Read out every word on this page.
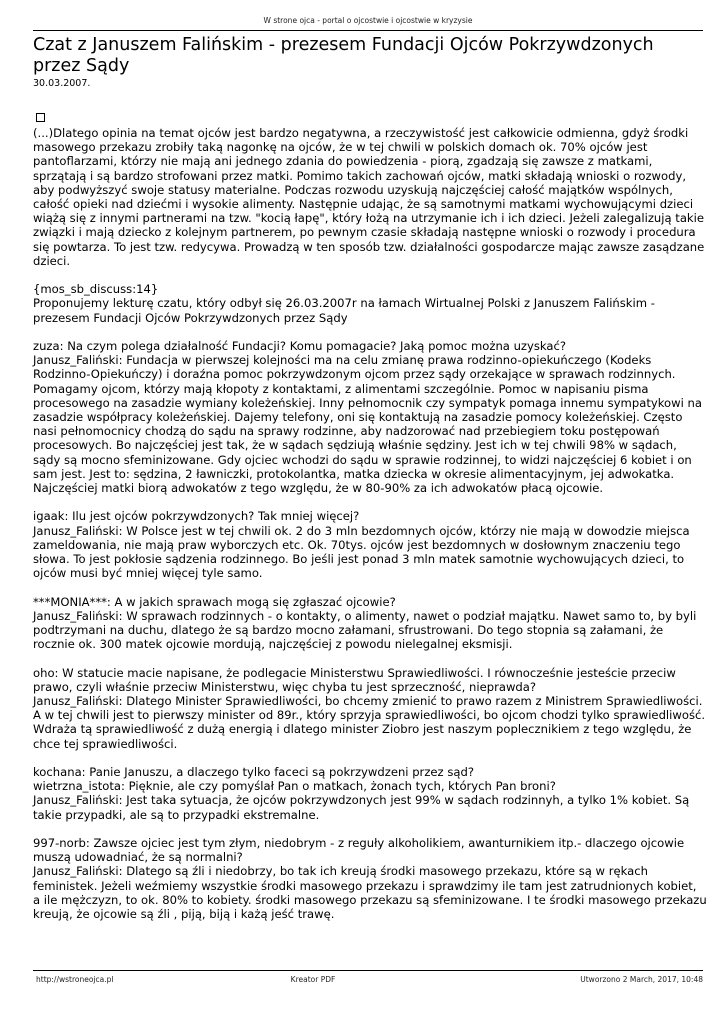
W strone ojca - portal o ojcostwie i ojcostwie w kryzysie
Czat z Januszem Falińskim - prezesem Fundacji Ojców Pokrzywdzonych przez Sądy
30.03.2007.

(...)Dlatego opinia na temat ojców jest bardzo negatywna, a rzeczywistość jest całkowicie odmienna, gdyż środki masowego przekazu zrobiły taką nagonkę na ojców, że w tej chwili w polskich domach ok. 70% ojców jest pantoflarzami, którzy nie mają ani jednego zdania do powiedzenia - piorą, zgadzają się zawsze z matkami, sprzątają i są bardzo strofowani przez matki. Pomimo takich zachowań ojców, matki składają wnioski o rozwody, aby podwyższyć swoje statusy materialne. Podczas rozwodu uzyskują najczęściej całość majątków wspólnych, całość opieki nad dziećmi i wysokie alimenty. Następnie udając, że są samotnymi matkami wychowującymi dzieci wiążą się z innymi partnerami na tzw. "kocią łapę", który łożą na utrzymanie ich i ich dzieci. Jeżeli zalegalizują takie związki i mają dziecko z kolejnym partnerem, po pewnym czasie składają następne wnioski o rozwody i procedura się powtarza. To jest tzw. redycywa. Prowadzą w ten sposób tzw. działalności gospodarcze mając zawsze zasądzane dzieci.

{mos_sb_discuss:14}
Proponujemy lekturę czatu, który odbył się 26.03.2007r na łamach Wirtualnej Polski z Januszem Falińskim - prezesem Fundacji Ojców Pokrzywdzonych przez Sądy

zuza: Na czym polega działalność Fundacji? Komu pomagacie? Jaką pomoc można uzyskać?
Janusz_Faliński: Fundacja w pierwszej kolejności ma na celu zmianę prawa rodzinno-opiekuńczego (Kodeks Rodzinno-Opiekuńczy) i doraźna pomoc pokrzywdzonym ojcom przez sądy orzekające w sprawach rodzinnych. Pomagamy ojcom, którzy mają kłopoty z kontaktami, z alimentami szczególnie. Pomoc w napisaniu pisma procesowego na zasadzie wymiany koleżeńskiej. Inny pełnomocnik czy sympatyk pomaga innemu sympatykowi na zasadzie współpracy koleżeńskiej. Dajemy telefony, oni się kontaktują na zasadzie pomocy koleżeńskiej. Często nasi pełnomocnicy chodzą do sądu na sprawy rodzinne, aby nadzorować nad przebiegiem toku postępowań procesowych. Bo najczęściej jest tak, że w sądach sędziują właśnie sędziny. Jest ich w tej chwili 98% w sądach, sądy są mocno sfeminizowane. Gdy ojciec wchodzi do sądu w sprawie rodzinnej, to widzi najczęściej 6 kobiet i on sam jest. Jest to: sędzina, 2 ławniczki, protokolantka, matka dziecka w okresie alimentacyjnym, jej adwokatka. Najczęściej matki biorą adwokatów z tego względu, że w 80-90% za ich adwokatów płacą ojcowie.

igaak: Ilu jest ojców pokrzywdzonych? Tak mniej więcej?
Janusz_Faliński: W Polsce jest w tej chwili ok. 2 do 3 mln bezdomnych ojców, którzy nie mają w dowodzie miejsca zameldowania, nie mają praw wyborczych etc. Ok. 70tys. ojców jest bezdomnych w dosłownym znaczeniu tego słowa. To jest pokłosie sądzenia rodzinnego. Bo jeśli jest ponad 3 mln matek samotnie wychowujących dzieci, to ojców musi być mniej więcej tyle samo.

***MONIA***: A w jakich sprawach mogą się zgłaszać ojcowie?
Janusz_Faliński: W sprawach rodzinnych - o kontakty, o alimenty, nawet o podział majątku. Nawet samo to, by byli podtrzymani na duchu, dlatego że są bardzo mocno załamani, sfrustrowani. Do tego stopnia są załamani, że rocznie ok. 300 matek ojcowie mordują, najczęściej z powodu nielegalnej eksmisji.

oho: W statucie macie napisane, że podlegacie Ministerstwu Sprawiedliwości. I równocześnie jesteście przeciw prawo, czyli właśnie przeciw Ministerstwu, więc chyba tu jest sprzeczność, nieprawda?
Janusz_Faliński: Dlatego Minister Sprawiedliwości, bo chcemy zmienić to prawo razem z Ministrem Sprawiedliwości. A w tej chwili jest to pierwszy minister od 89r., który sprzyja sprawiedliwości, bo ojcom chodzi tylko sprawiedliwość. Wdraża tą sprawiedliwość z dużą energią i dlatego minister Ziobro jest naszym poplecznikiem z tego względu, że chce tej sprawiedliwości.

kochana: Panie Januszu, a dlaczego tylko faceci są pokrzywdzeni przez sąd?
wietrzna_istota: Pięknie, ale czy pomyślał Pan o matkach, żonach tych, których Pan broni?
Janusz_Faliński: Jest taka sytuacja, że ojców pokrzywdzonych jest 99% w sądach rodzinnyh, a tylko 1% kobiet. Są takie przypadki, ale są to przypadki ekstremalne.

997-norb: Zawsze ojciec jest tym złym, niedobrym - z reguły alkoholikiem, awanturnikiem itp.- dlaczego ojcowie muszą udowadniać, że są normalni?
Janusz_Faliński: Dlatego są źli i niedobrzy, bo tak ich kreują środki masowego przekazu, które są w rękach feministek. Jeżeli weźmiemy wszystkie środki masowego przekazu i sprawdzimy ile tam jest zatrudnionych kobiet, a ile mężczyzn, to ok. 80% to kobiety. środki masowego przekazu są sfeminizowane. I te środki masowego przekazu kreują, że ojcowie są źli , piją, biją i każą jeść trawę.

http://wstroneojca.pl	Kreator PDF	Utworzono 2 March, 2017, 10:48
